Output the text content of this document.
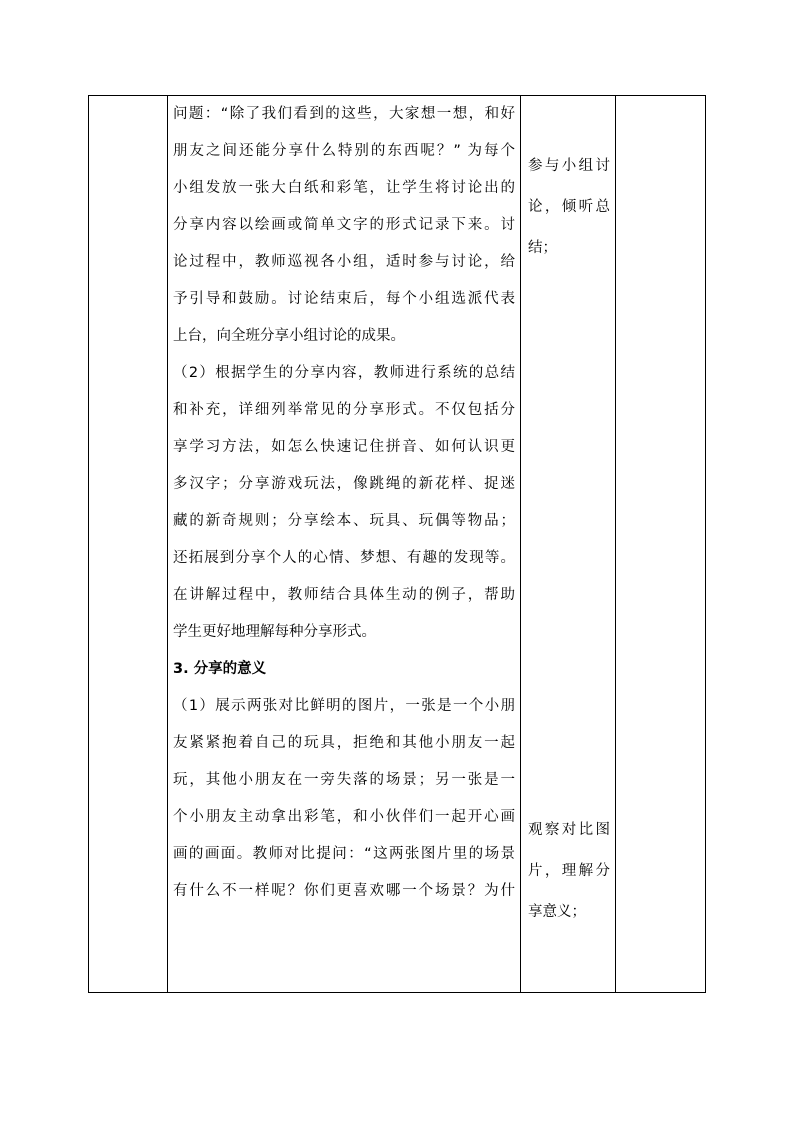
问题：“除了我们看到的这些，大家想一想，和好
朋友之间还能分享什么特别的东西呢？” 为每个
小组发放一张大白纸和彩笔，让学生将讨论出的
分享内容以绘画或简单文字的形式记录下来。讨
论过程中，教师巡视各小组，适时参与讨论，给
予引导和鼓励。讨论结束后，每个小组选派代表
上台，向全班分享小组讨论的成果。
（2）根据学生的分享内容，教师进行系统的总结
和补充，详细列举常见的分享形式。不仅包括分
享学习方法，如怎么快速记住拼音、如何认识更
多汉字；分享游戏玩法，像跳绳的新花样、捉迷
藏的新奇规则；分享绘本、玩具、玩偶等物品；
还拓展到分享个人的心情、梦想、有趣的发现等。
在讲解过程中，教师结合具体生动的例子，帮助
学生更好地理解每种分享形式。
3. 分享的意义
（1）展示两张对比鲜明的图片，一张是一个小朋
友紧紧抱着自己的玩具，拒绝和其他小朋友一起
玩，其他小朋友在一旁失落的场景；另一张是一
个小朋友主动拿出彩笔，和小伙伴们一起开心画
画的画面。教师对比提问：“这两张图片里的场景
有什么不一样呢？你们更喜欢哪一个场景？为什
参与小组讨
论，倾听总
结；
观察对比图
片，理解分
享意义；
